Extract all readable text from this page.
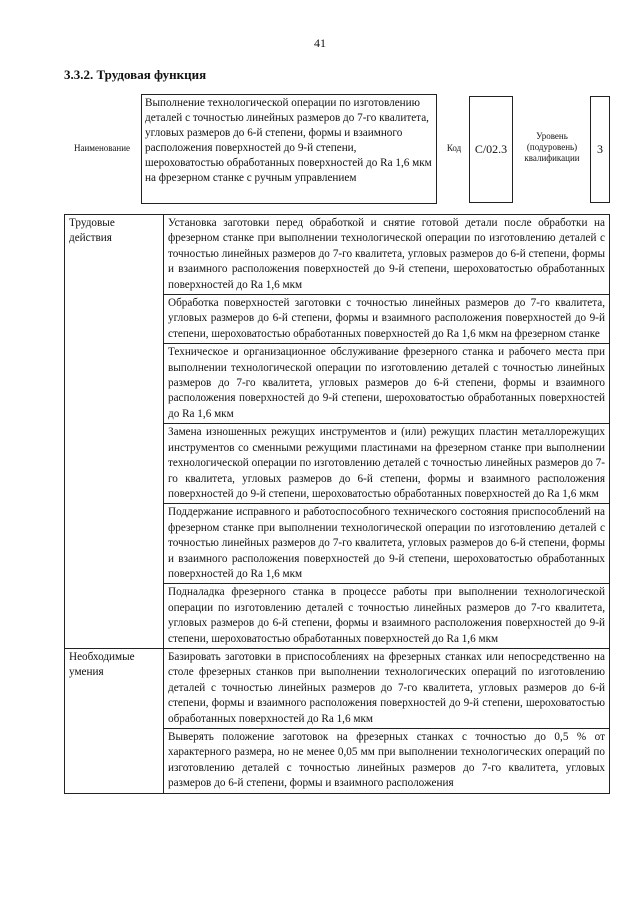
41
3.3.2. Трудовая функция
Наименование
Выполнение технологической операции по изготовлению деталей с точностью линейных размеров до 7-го квалитета, угловых размеров до 6-й степени, формы и взаимного расположения поверхностей до 9-й степени, шероховатостью обработанных поверхностей до Ra 1,6 мкм на фрезерном станке с ручным управлением
Код	C/02.3
Уровень (подуровень) квалификации
3
Трудовые действия	Установка заготовки перед обработкой и снятие готовой детали после обработки на фрезерном станке при выполнении технологической операции по изготовлению деталей с точностью линейных размеров до 7-го квалитета, угловых размеров до 6-й степени, формы и взаимного расположения поверхностей до 9-й степени, шероховатостью обработанных поверхностей до Ra 1,6 мкм
	Обработка поверхностей заготовки с точностью линейных размеров до 7-го квалитета, угловых размеров до 6-й степени, формы и взаимного расположения поверхностей до 9-й степени, шероховатостью обработанных поверхностей до Ra 1,6 мкм на фрезерном станке
	Техническое и организационное обслуживание фрезерного станка и рабочего места при выполнении технологической операции по изготовлению деталей с точностью линейных размеров до 7-го квалитета, угловых размеров до 6-й степени, формы и взаимного расположения поверхностей до 9-й степени, шероховатостью обработанных поверхностей до Ra 1,6 мкм
	Замена изношенных режущих инструментов и (или) режущих пластин металлорежущих инструментов со сменными режущими пластинами на фрезерном станке при выполнении технологической операции по изготовлению деталей с точностью линейных размеров до 7-го квалитета, угловых размеров до 6-й степени, формы и взаимного расположения поверхностей до 9-й степени, шероховатостью обработанных поверхностей до Ra 1,6 мкм
	Поддержание исправного и работоспособного технического состояния приспособлений на фрезерном станке при выполнении технологической операции по изготовлению деталей с точностью линейных размеров до 7-го квалитета, угловых размеров до 6-й степени, формы и взаимного расположения поверхностей до 9-й степени, шероховатостью обработанных поверхностей до Ra 1,6 мкм
	Подналадка фрезерного станка в процессе работы при выполнении технологической операции по изготовлению деталей с точностью линейных размеров до 7-го квалитета, угловых размеров до 6-й степени, формы и взаимного расположения поверхностей до 9-й степени, шероховатостью обработанных поверхностей до Ra 1,6 мкм
Необходимые умения	Базировать заготовки в приспособлениях на фрезерных станках или непосредственно на столе фрезерных станков при выполнении технологических операций по изготовлению деталей с точностью линейных размеров до 7-го квалитета, угловых размеров до 6-й степени, формы и взаимного расположения поверхностей до 9-й степени, шероховатостью обработанных поверхностей до Ra 1,6 мкм
	Выверять положение заготовок на фрезерных станках с точностью до 0,5 % от характерного размера, но не менее 0,05 мм при выполнении технологических операций по изготовлению деталей с точностью линейных размеров до 7-го квалитета, угловых размеров до 6-й степени, формы и взаимного расположения
